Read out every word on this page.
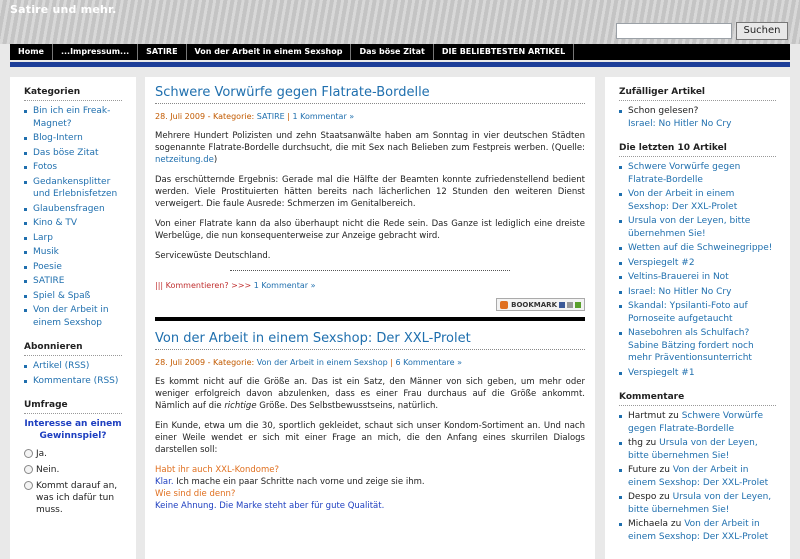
Satire und mehr.
Suchen
Home	...Impressum...	SATIRE	Von der Arbeit in einem Sexshop	Das böse Zitat	DIE BELIEBTESTEN ARTIKEL
Kategorien
Bin ich ein Freak-Magnet?
Blog-Intern
Das böse Zitat
Fotos
Gedankensplitter und Erlebnisfetzen
Glaubensfragen
Kino & TV
Larp
Musik
Poesie
SATIRE
Spiel & Spaß
Von der Arbeit in einem Sexshop
Abonnieren
Artikel (RSS)
Kommentare (RSS)
Umfrage
Interesse an einem Gewinnspiel?
Ja.
Nein.
Kommt darauf an, was ich dafür tun muss.
Schwere Vorwürfe gegen Flatrate-Bordelle
28. Juli 2009 - Kategorie: SATIRE | 1 Kommentar »

Mehrere Hundert Polizisten und zehn Staatsanwälte haben am Sonntag in vier deutschen Städten sogenannte Flatrate-Bordelle durchsucht, die mit Sex nach Belieben zum Festpreis werben. (Quelle: netzeitung.de)

Das erschütternde Ergebnis: Gerade mal die Hälfte der Beamten konnte zufriedenstellend bedient werden. Viele Prostituierten hätten bereits nach lächerlichen 12 Stunden den weiteren Dienst verweigert. Die faule Ausrede: Schmerzen im Genitalbereich.

Von einer Flatrate kann da also überhaupt nicht die Rede sein. Das Ganze ist lediglich eine dreiste Werbelüge, die nun konsequenterweise zur Anzeige gebracht wird.

Servicewüste Deutschland.

||| Kommentieren? >>> 1 Kommentar »
BOOKMARK
Von der Arbeit in einem Sexshop: Der XXL-Prolet
28. Juli 2009 - Kategorie: Von der Arbeit in einem Sexshop | 6 Kommentare »

Es kommt nicht auf die Größe an. Das ist ein Satz, den Männer von sich geben, um mehr oder weniger erfolgreich davon abzulenken, dass es einer Frau durchaus auf die Größe ankommt. Nämlich auf die richtige Größe. Des Selbstbewusstseins, natürlich.

Ein Kunde, etwa um die 30, sportlich gekleidet, schaut sich unser Kondom-Sortiment an. Und nach einer Weile wendet er sich mit einer Frage an mich, die den Anfang eines skurrilen Dialogs darstellen soll:

Habt ihr auch XXL-Kondome?
Klar. Ich mache ein paar Schritte nach vorne und zeige sie ihm.
Wie sind die denn?
Keine Ahnung. Die Marke steht aber für gute Qualität.
Zufälliger Artikel
Schon gelesen?
Israel: No Hitler No Cry
Die letzten 10 Artikel
Schwere Vorwürfe gegen Flatrate-Bordelle
Von der Arbeit in einem Sexshop: Der XXL-Prolet
Ursula von der Leyen, bitte übernehmen Sie!
Wetten auf die Schweinegrippe!
Verspiegelt #2
Veltins-Brauerei in Not
Israel: No Hitler No Cry
Skandal: Ypsilanti-Foto auf Pornoseite aufgetaucht
Nasebohren als Schulfach? Sabine Bätzing fordert noch mehr Präventionsunterricht
Verspiegelt #1
Kommentare
Hartmut zu Schwere Vorwürfe gegen Flatrate-Bordelle
thg zu Ursula von der Leyen, bitte übernehmen Sie!
Future zu Von der Arbeit in einem Sexshop: Der XXL-Prolet
Despo zu Ursula von der Leyen, bitte übernehmen Sie!
Michaela zu Von der Arbeit in einem Sexshop: Der XXL-Prolet
